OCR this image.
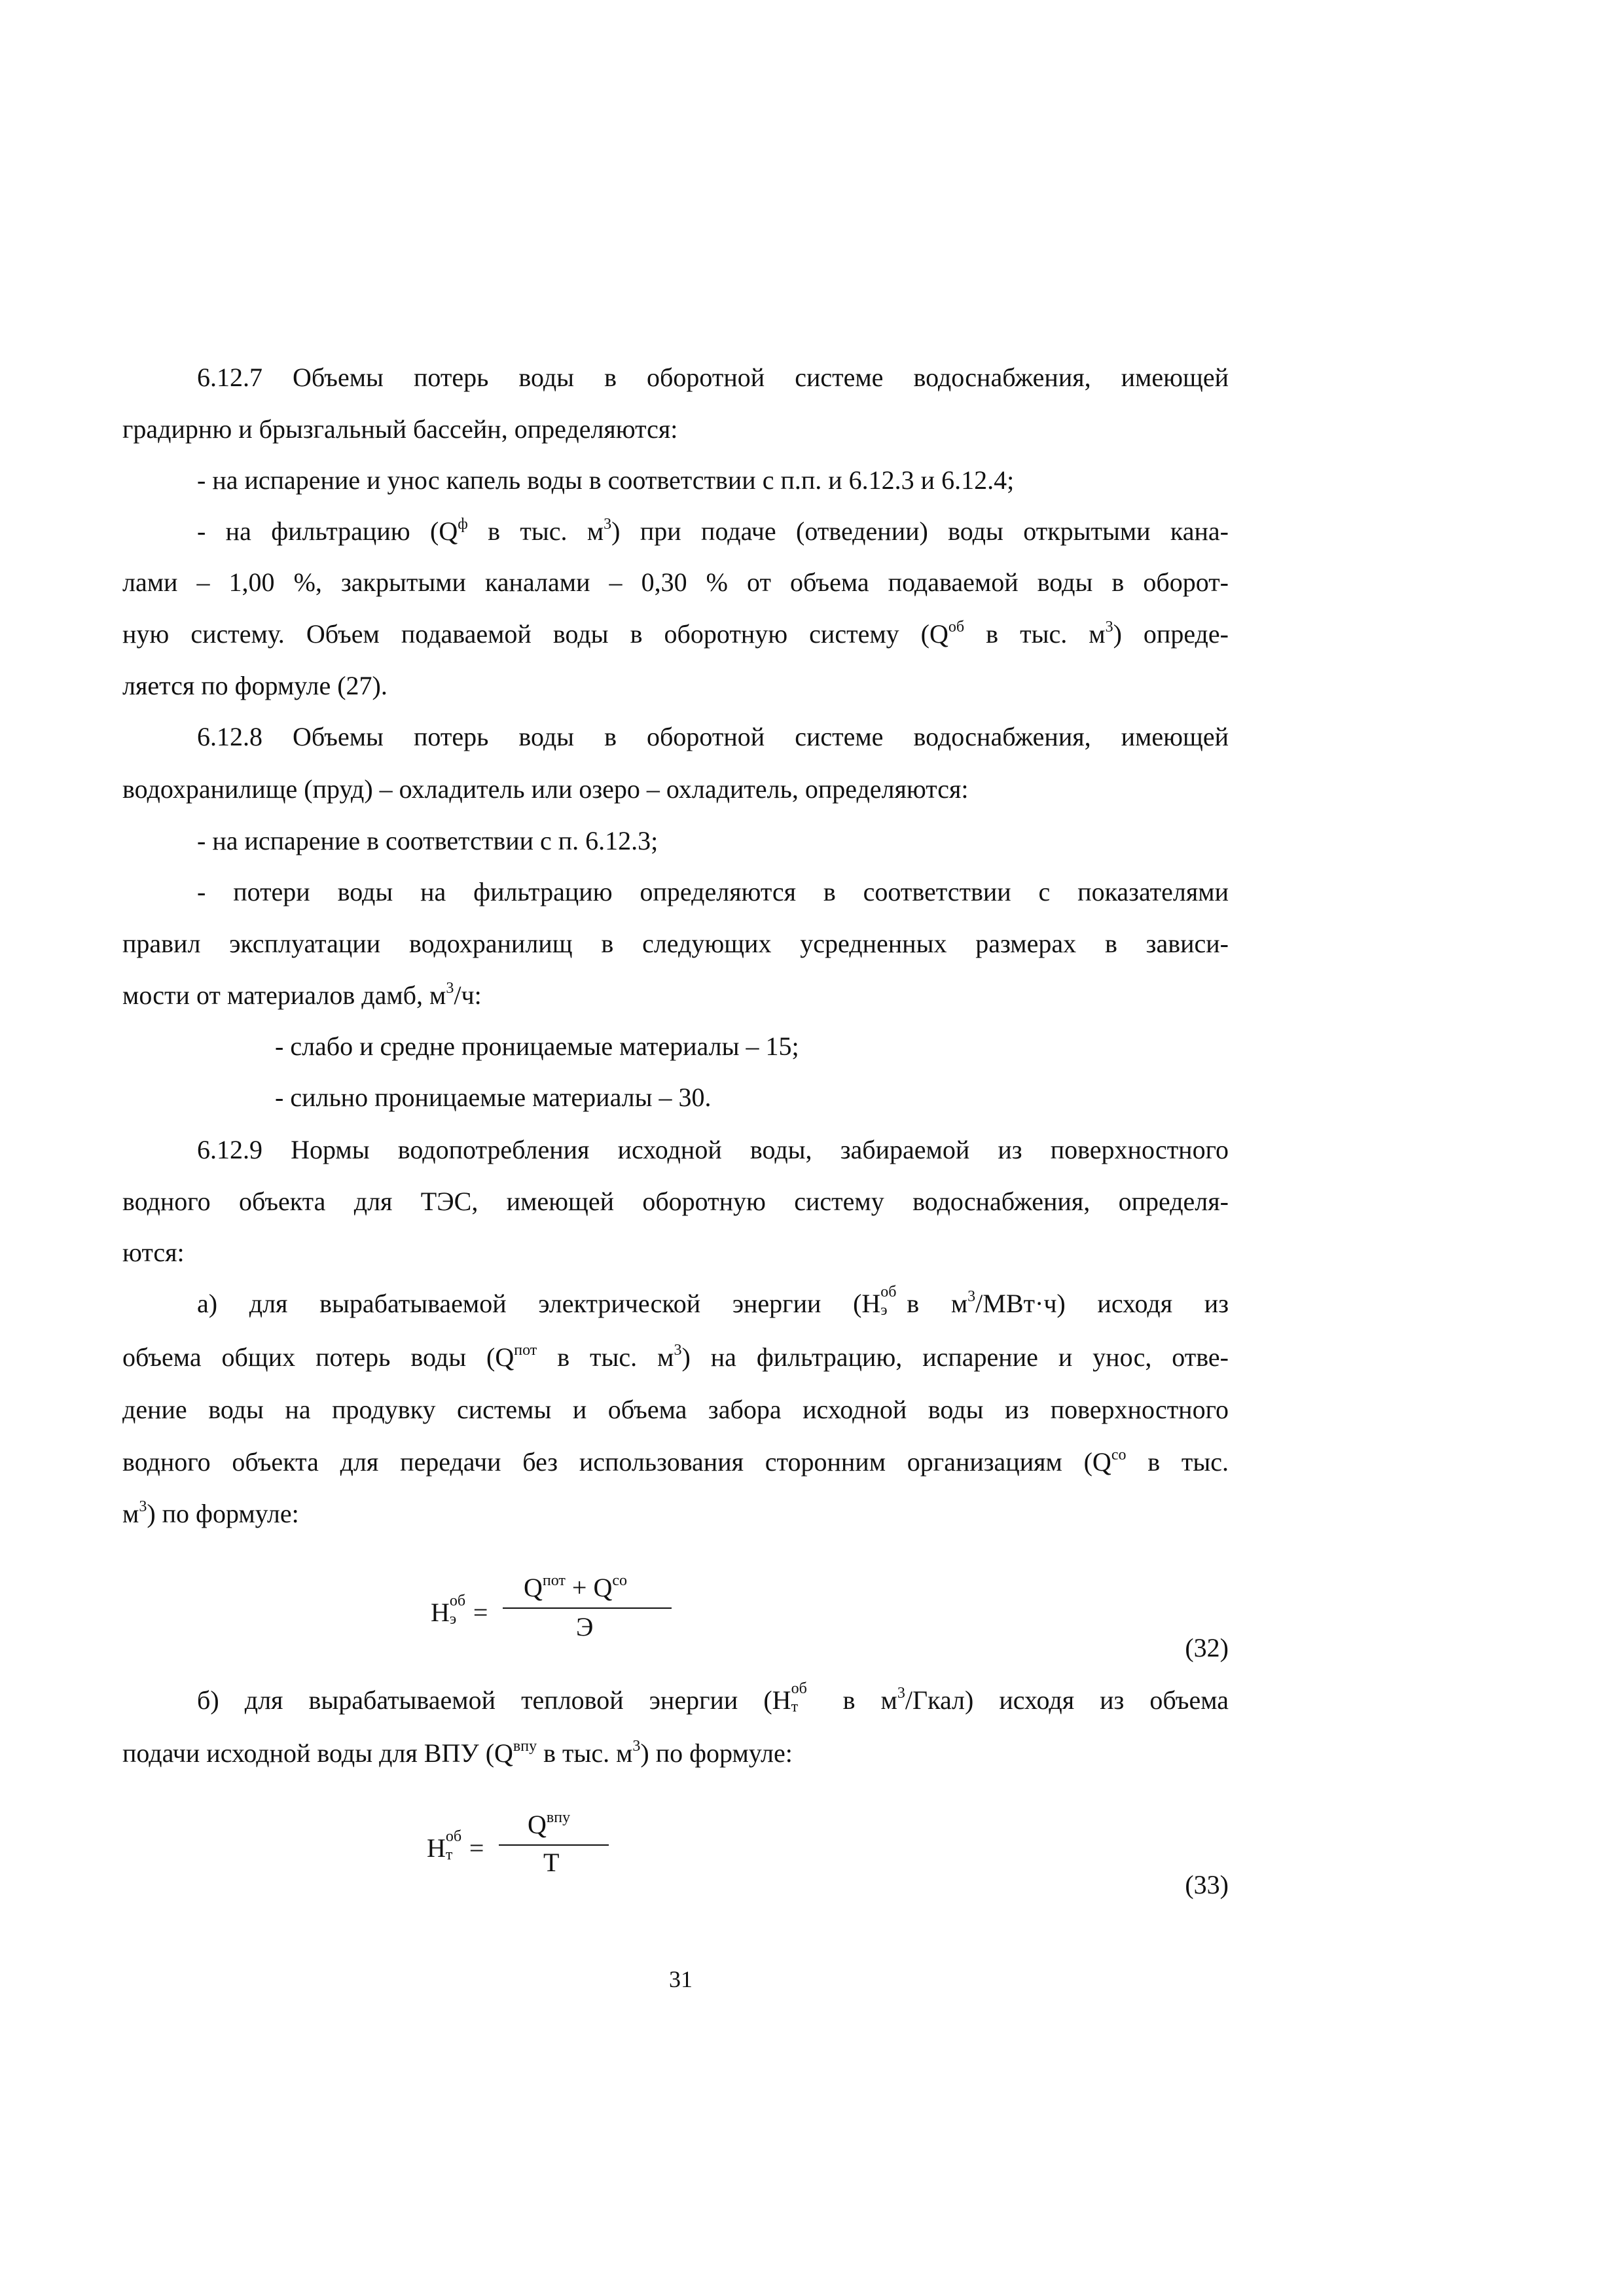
6.12.7 Объемы потерь воды в оборотной системе водоснабжения, имеющей
градирню и брызгальный бассейн, определяются:
- на испарение и унос капель воды в соответствии с п.п. и 6.12.3 и 6.12.4;
- на фильтрацию ($Q^ф$ в тыс. $м^3$) при подаче (отведении) воды открытыми кана-
лами – 1,00 %, закрытыми каналами – 0,30 % от объема подаваемой воды в оборот-
ную систему. Объем подаваемой воды в оборотную систему ($Q^{об}$ в тыс. $м^3$) опреде-
ляется по формуле (27).
6.12.8 Объемы потерь воды в оборотной системе водоснабжения, имеющей
водохранилище (пруд) – охладитель или озеро – охладитель, определяются:
- на испарение в соответствии с п. 6.12.3;
- потери воды на фильтрацию определяются в соответствии с показателями
правил эксплуатации водохранилищ в следующих усредненных размерах в зависи-
мости от материалов дамб, $м^3/ч$:
- слабо и средне проницаемые материалы – 15;
- сильно проницаемые материалы – 30.
6.12.9 Нормы водопотребления исходной воды, забираемой из поверхностного
водного объекта для ТЭС, имеющей оборотную систему водоснабжения, определя-
ются:
а) для вырабатываемой электрической энергии (Н об
э в $м^3/МВт\cdot ч$) исходя из
объема общих потерь воды ($Q^{пот}$ в тыс. $м^3$) на фильтрацию, испарение и унос, отве-
дение воды на продувку системы и объема забора исходной воды из поверхностного
водного объекта для передачи без использования сторонним организациям ($Q^{со}$ в тыс.
$м^3$) по формуле:
Н об
э =
$Q^{пот} + Q^{со}$
Э
(32)
б) для вырабатываемой тепловой энергии (Н об
т в $м^3/Гкал$) исходя из объема
подачи исходной воды для ВПУ ($Q^{впу}$ в тыс. $м^3$) по формуле:
Н об
т =
$Q^{впу}$
Т
(33)
31
